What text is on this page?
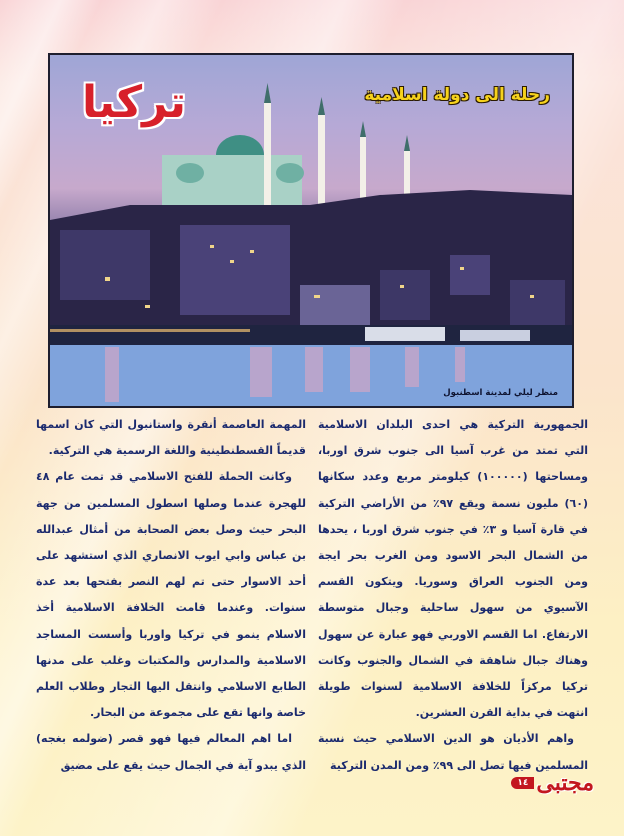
تركيا	رحلة الى دولة اسلامية
منظر ليلي لمدينة اسطنبول

الجمهورية التركية هي احدى البلدان الاسلامية التي تمتد من غرب آسيا الى جنوب شرق اوربا، ومساحتها (١٠٠٠٠٠) كيلومتر مربع وعدد سكانها (٦٠) مليون نسمة ويقع ٩٧٪ من الأراضي التركية في قارة آسيا و ٣٪ في جنوب شرق اوربا ، يحدها من الشمال البحر الاسود ومن الغرب بحر ايجة ومن الجنوب العراق وسوريا. ويتكون القسم الآسيوي من سهول ساحلية وجبال متوسطة الارتفاع. اما القسم الاوربي فهو عبارة عن سهول وهناك جبال شاهقة في الشمال والجنوب وكانت تركيا مركزاً للخلافة الاسلامية لسنوات طويلة انتهت في بداية القرن العشرين.

واهم الأديان هو الدين الاسلامي حيث نسبة المسلمين فيها تصل الى ٩٩٪ ومن المدن التركية

المهمة العاصمة أنقرة واستانبول التي كان اسمها قديماً القسطنطينية واللغة الرسمية هي التركية.

وكانت الحملة للفتح الاسلامي قد تمت عام ٤٨ للهجرة عندما وصلها اسطول المسلمين من جهة البحر حيث وصل بعض الصحابة من أمثال عبدالله بن عباس وابي ايوب الانصاري الذي استشهد على أحد الاسوار حتى تم لهم النصر بفتحها بعد عدة سنوات. وعندما قامت الخلافة الاسلامية أخذ الاسلام ينمو في تركيا واوربا وأسست المساجد الاسلامية والمدارس والمكتبات وغلب على مدنها الطابع الاسلامي وانتقل اليها التجار وطلاب العلم خاصة وانها تقع على مجموعة من البحار.

اما اهم المعالم فيها فهو قصر (ضولمه بغجه) الذي يبدو آية في الجمال حيث يقع على مضيق

مجتبى
١٤
